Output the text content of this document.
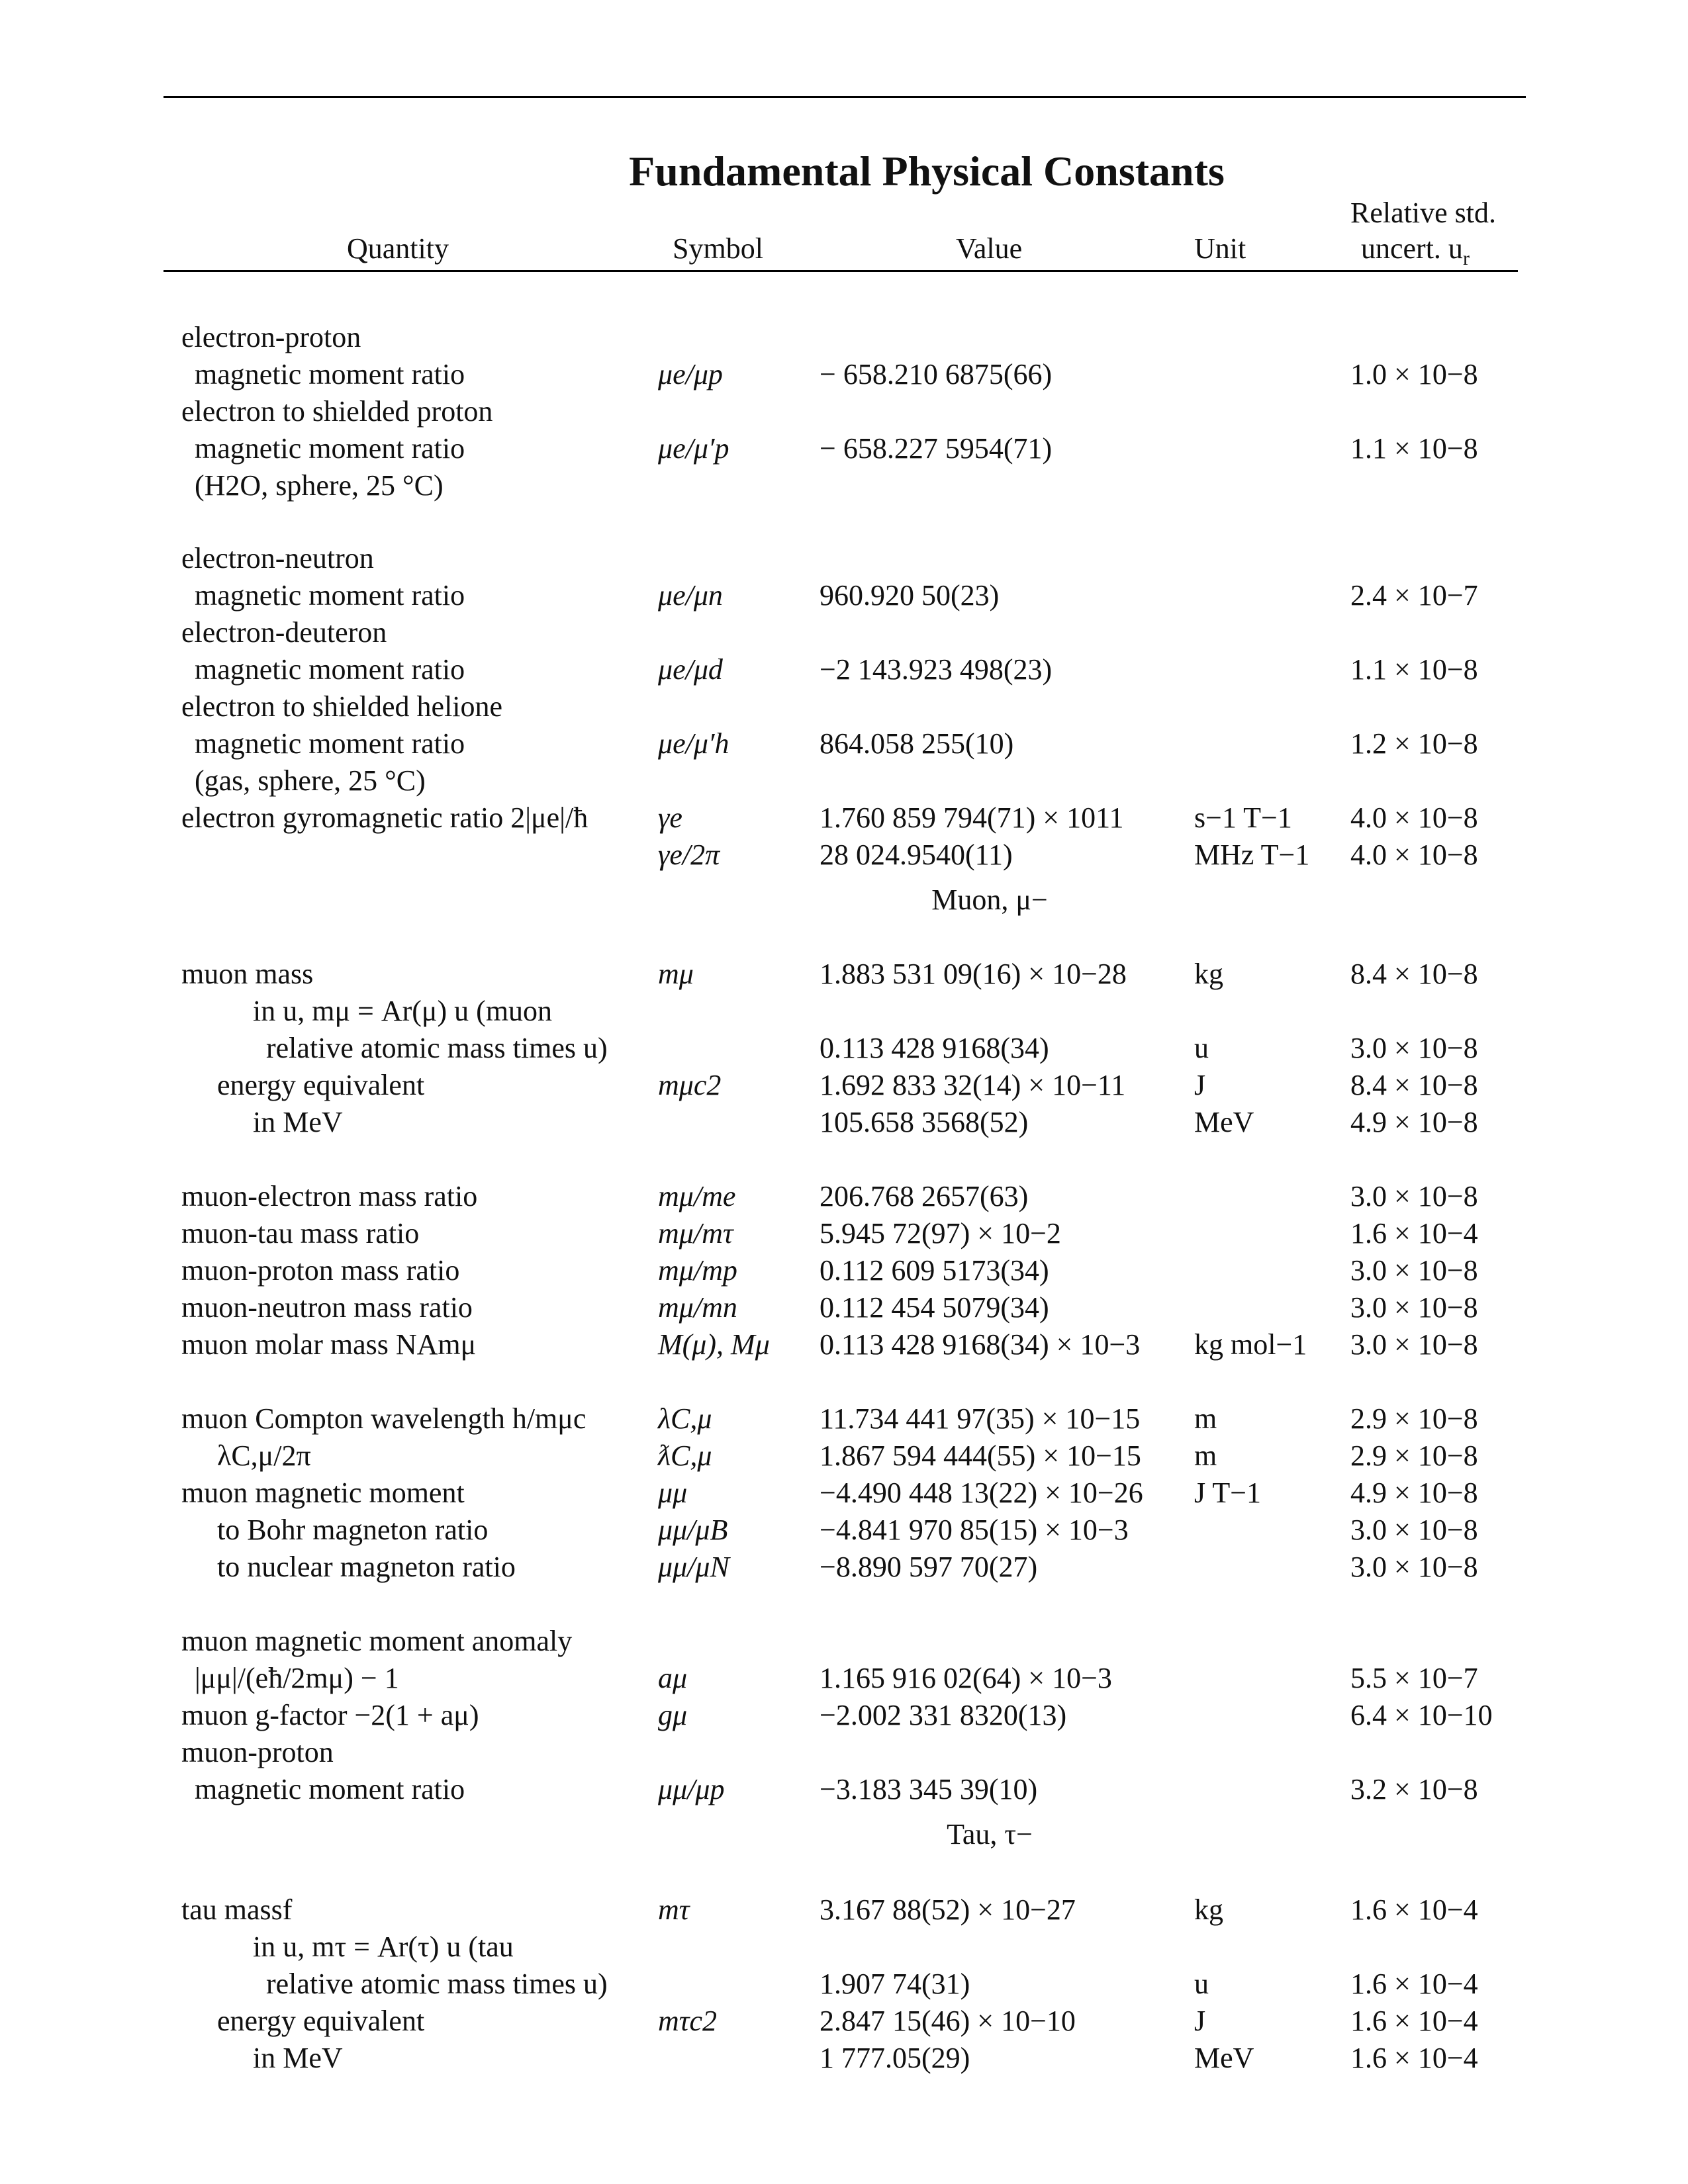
Fundamental Physical Constants
Quantity	Symbol	Value	Unit
Relative std.
uncert. $u_r$
electron-proton
magnetic moment ratio	μe/μp	− 658.210 6875(66)	1.0 × 10−8
electron to shielded proton
magnetic moment ratio	μe/μ′p	− 658.227 5954(71)	1.1 × 10−8
(H2O, sphere, 25 °C)
electron-neutron
magnetic moment ratio	μe/μn	960.920 50(23)	2.4 × 10−7
electron-deuteron
magnetic moment ratio	μe/μd	−2 143.923 498(23)	1.1 × 10−8
electron to shielded helione
magnetic moment ratio	μe/μ′h	864.058 255(10)	1.2 × 10−8
(gas, sphere, 25 °C)
electron gyromagnetic ratio 2|μe|/ħ γe	1.760 859 794(71) × 1011 s−1 T−1 4.0 × 10−8
γe/2π	28 024.9540(11)	MHz T−1 4.0 × 10−8
Muon, μ−
muon mass	mμ	1.883 531 09(16) × 10−28 kg	8.4 × 10−8
in u, mμ = Ar(μ) u (muon
relative atomic mass times u)	0.113 428 9168(34)	u	3.0 × 10−8
energy equivalent	mμc2	1.692 833 32(14) × 10−11 J	8.4 × 10−8
in MeV	105.658 3568(52)	MeV	4.9 × 10−8
muon-electron mass ratio	mμ/me	206.768 2657(63)	3.0 × 10−8
muon-tau mass ratio	mμ/mτ	5.945 72(97) × 10−2	1.6 × 10−4
muon-proton mass ratio	mμ/mp	0.112 609 5173(34)	3.0 × 10−8
muon-neutron mass ratio	mμ/mn	0.112 454 5079(34)	3.0 × 10−8
muon molar mass NAmμ	M(μ), Mμ 0.113 428 9168(34) × 10−3 kg mol−1 3.0 × 10−8
muon Compton wavelength h/mμc λC,μ	11.734 441 97(35) × 10−15 m	2.9 × 10−8
λC,μ/2π	ƛC,μ	1.867 594 444(55) × 10−15 m	2.9 × 10−8
muon magnetic moment	μμ	−4.490 448 13(22) × 10−26 J T−1	4.9 × 10−8
to Bohr magneton ratio	μμ/μB	−4.841 970 85(15) × 10−3	3.0 × 10−8
to nuclear magneton ratio	μμ/μN	−8.890 597 70(27)	3.0 × 10−8
muon magnetic moment anomaly
|μμ|/(eħ/2mμ) − 1	aμ	1.165 916 02(64) × 10−3	5.5 × 10−7
muon g-factor −2(1 + aμ)	gμ	−2.002 331 8320(13)	6.4 × 10−10
muon-proton
magnetic moment ratio	μμ/μp	−3.183 345 39(10)	3.2 × 10−8
Tau, τ−
tau massf	mτ	3.167 88(52) × 10−27	kg	1.6 × 10−4
in u, mτ = Ar(τ) u (tau
relative atomic mass times u)	1.907 74(31)	u	1.6 × 10−4
energy equivalent	mτc2	2.847 15(46) × 10−10	J	1.6 × 10−4
in MeV	1 777.05(29)	MeV	1.6 × 10−4
